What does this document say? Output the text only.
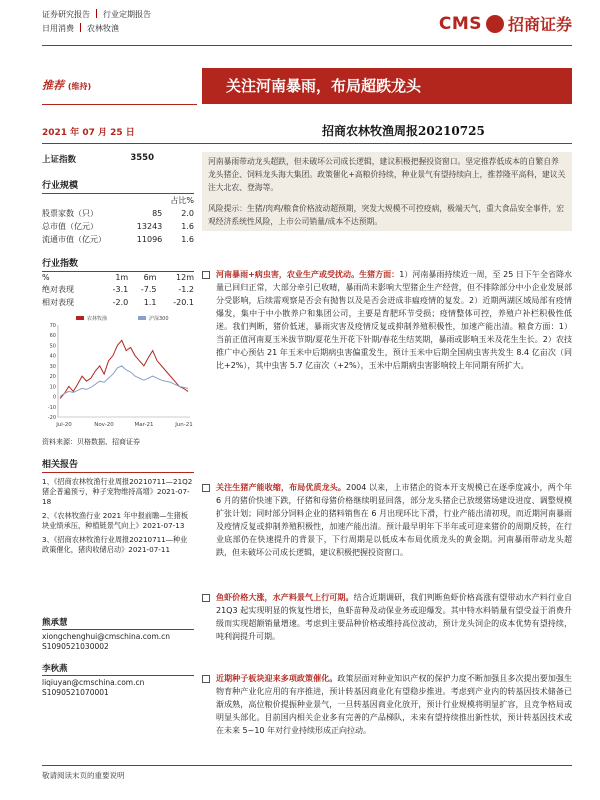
证券研究报告 行业定期报告
日用消费 农林牧渔	CMS 招商证券
推荐 (维持)	关注河南暴雨，布局超跌龙头
2021 年 07 月 25 日	招商农林牧渔周报20210725
上证指数	3550
行业规模
		占比%
股票家数（只）	85	2.0
总市值（亿元）	13243	1.6
流通市值（亿元）	11096	1.6
行业指数
%	1m	6m	12m
绝对表现	-3.1	-7.5	-1.2
相对表现	-2.0	1.1	-20.1
70
60
50
40
30
20
10
0
-10
-20
Jul-20	Nov-20	Mar-21	Jun-21
农林牧渔	沪深300
资料来源：贝格数据、招商证券
相关报告
1、《招商农林牧渔行业周报20210711—21Q2 猪企普遍预亏，种子宠物维持高增》2021-07-18
2、《农林牧渔行业 2021 年中报前瞻—生猪板块业绩承压，种植链景气向上》2021-07-13
3、《招商农林牧渔行业周报20210711—种业政策催化，猪肉收储启动》2021-07-11
熊承慧
xiongchenghui@cmschina.com.cn
S1090521030002
李秋燕
liqiuyan@cmschina.com.cn
S1090521070001

河南暴雨带动龙头超跌，但未破坏公司成长逻辑，建议积极把握投资窗口。坚定推荐低成本的自繁自养龙头猪企、饲料龙头海大集团。政策催化+高粮价持续，种业景气有望持续向上，推荐隆平高科，建议关注大北农、登海等。

风险提示：生猪/肉鸡/粮食价格波动超预期，突发大规模不可控疫病，极端天气，重大食品安全事件，宏观经济系统性风险，上市公司销量/成本不达预期。

河南暴雨+病虫害，农业生产或受扰动。生猪方面：1）河南暴雨持续近一周，至 25 日下午全省降水量已回归正常，大部分牵引已收晴，暴雨尚未影响大型猪企生产经营，但不排除部分中小企业发展部分受影响，后续需观察是否会有抛售以及是否会迸成非瘟疫情的复发。2）近期两湖区域局部有疫情爆发，集中于中小散养户和集团公司，主要是育肥环节受损；疫情整体可控，养殖户补栏积极性低迷。我们判断，猪价低迷，暴雨灾害及疫情反复或抑制养殖积极性，加速产能出清。粮食方面：1）当前正值河南夏玉米拔节期/夏花生开花下针期/春花生结荚期，暴雨或影响玉米及花生生长。2）农技推广中心预估 21 年玉米中后期病虫害偏重发生，预计玉米中后期全国病虫害共发生 8.4 亿亩次（同比+2%），其中虫害 5.7 亿亩次（+2%），玉米中后期病虫害影响较上年同期有所扩大。
关注生猪产能收缩，布局优质龙头。2004 以来，上市猪企的资本开支规模已在逐季度减小，两个年 6 月的猪价快速下跌，仔猪和母猪价格继续明显回落，部分龙头猪企已放缓猪场建设进度、调整规模扩张计划；同时部分饲料企业的猪料销售在 6 月出现环比下滑，行业产能出清初现，而近期河南暴雨及疫情反复或抑制养殖积极性，加速产能出清。预计最早明年下半年或可迎来猪价的周期反转，在行业底部仍在快速提升的背景下，下行周期是以低成本布局优质龙头的黄金期。河南暴雨带动龙头超跌，但未破坏公司成长逻辑，建议积极把握投资窗口。
鱼虾价格大涨，水产料景气上行可期。结合近期调研，我们判断鱼虾价格高涨有望带动水产料行业自 21Q3 起实现明显的恢复性增长，鱼虾苗种及动保业务或迎爆发。其中特水料销量有望受益于消费升级而实现超额销量增速。考虑到主要品种价格或维持高位波动，预计龙头饲企的成本优势有望持续，吨利润提升可期。
近期种子板块迎来多项政策催化。政策层面对种业知识产权的保护力度不断加强且多次提出要加强生物育种产业化应用的有序推进，预计转基因商业化有望稳步推进。考虑到产业内的转基因技术储备已渐成熟，高位粮价提振种业景气，一旦转基因商业化放开，预计行业规模将明显扩容，且竞争格局或明显头部化。目前国内相关企业多有完善的产品梯队，未来有望持续推出新性状，预计转基因技术或在未来 5~10 年对行业持续形成正向拉动。
敬请阅读末页的重要说明
